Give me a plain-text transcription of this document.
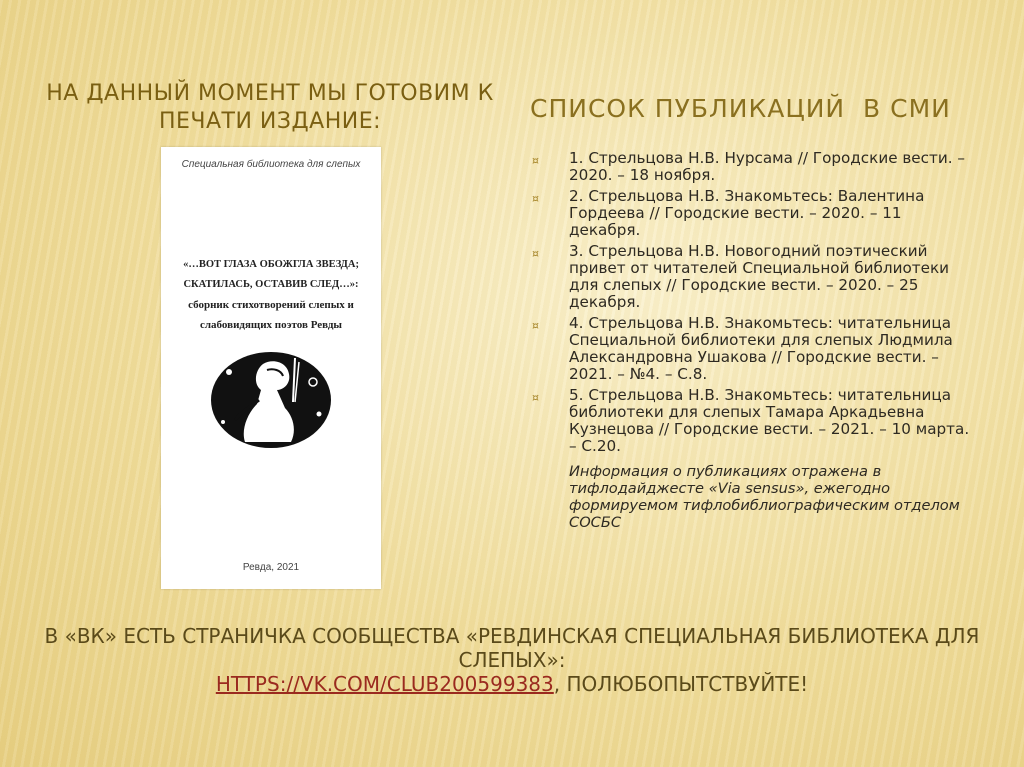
НА ДАННЫЙ МОМЕНТ МЫ ГОТОВИМ К ПЕЧАТИ ИЗДАНИЕ:	СПИСОК ПУБЛИКАЦИЙ  В СМИ
Специальная библиотека для слепых
«…ВОТ ГЛАЗА ОБОЖГЛА ЗВЕЗДА; СКАТИЛАСЬ, ОСТАВИВ СЛЕД…»:
сборник стихотворений слепых и слабовидящих поэтов Ревды
Ревда, 2021
¤ 1. Стрельцова Н.В. Нурсама // Городские вести. – 2020. – 18 ноября.
¤ 2. Стрельцова Н.В. Знакомьтесь: Валентина Гордеева // Городские вести. – 2020. – 11 декабря.
¤ 3. Стрельцова Н.В. Новогодний поэтический привет от читателей Специальной библиотеки для слепых // Городские вести. – 2020. – 25 декабря.
¤ 4. Стрельцова Н.В. Знакомьтесь: читательница Специальной библиотеки для слепых Людмила Александровна Ушакова // Городские вести. – 2021. – №4. – С.8.
¤ 5. Стрельцова Н.В. Знакомьтесь: читательница библиотеки для слепых Тамара Аркадьевна Кузнецова // Городские вести. – 2021. – 10 марта. – С.20.
Информация о публикациях отражена в тифлодайджесте «Via sensus», ежегодно формируемом тифлобиблиографическим отделом СОСБС
В «ВК» ЕСТЬ СТРАНИЧКА СООБЩЕСТВА «РЕВДИНСКАЯ СПЕЦИАЛЬНАЯ БИБЛИОТЕКА ДЛЯ СЛЕПЫХ»:
HTTPS://VK.COM/CLUB200599383, ПОЛЮБОПЫТСТВУЙТЕ!
